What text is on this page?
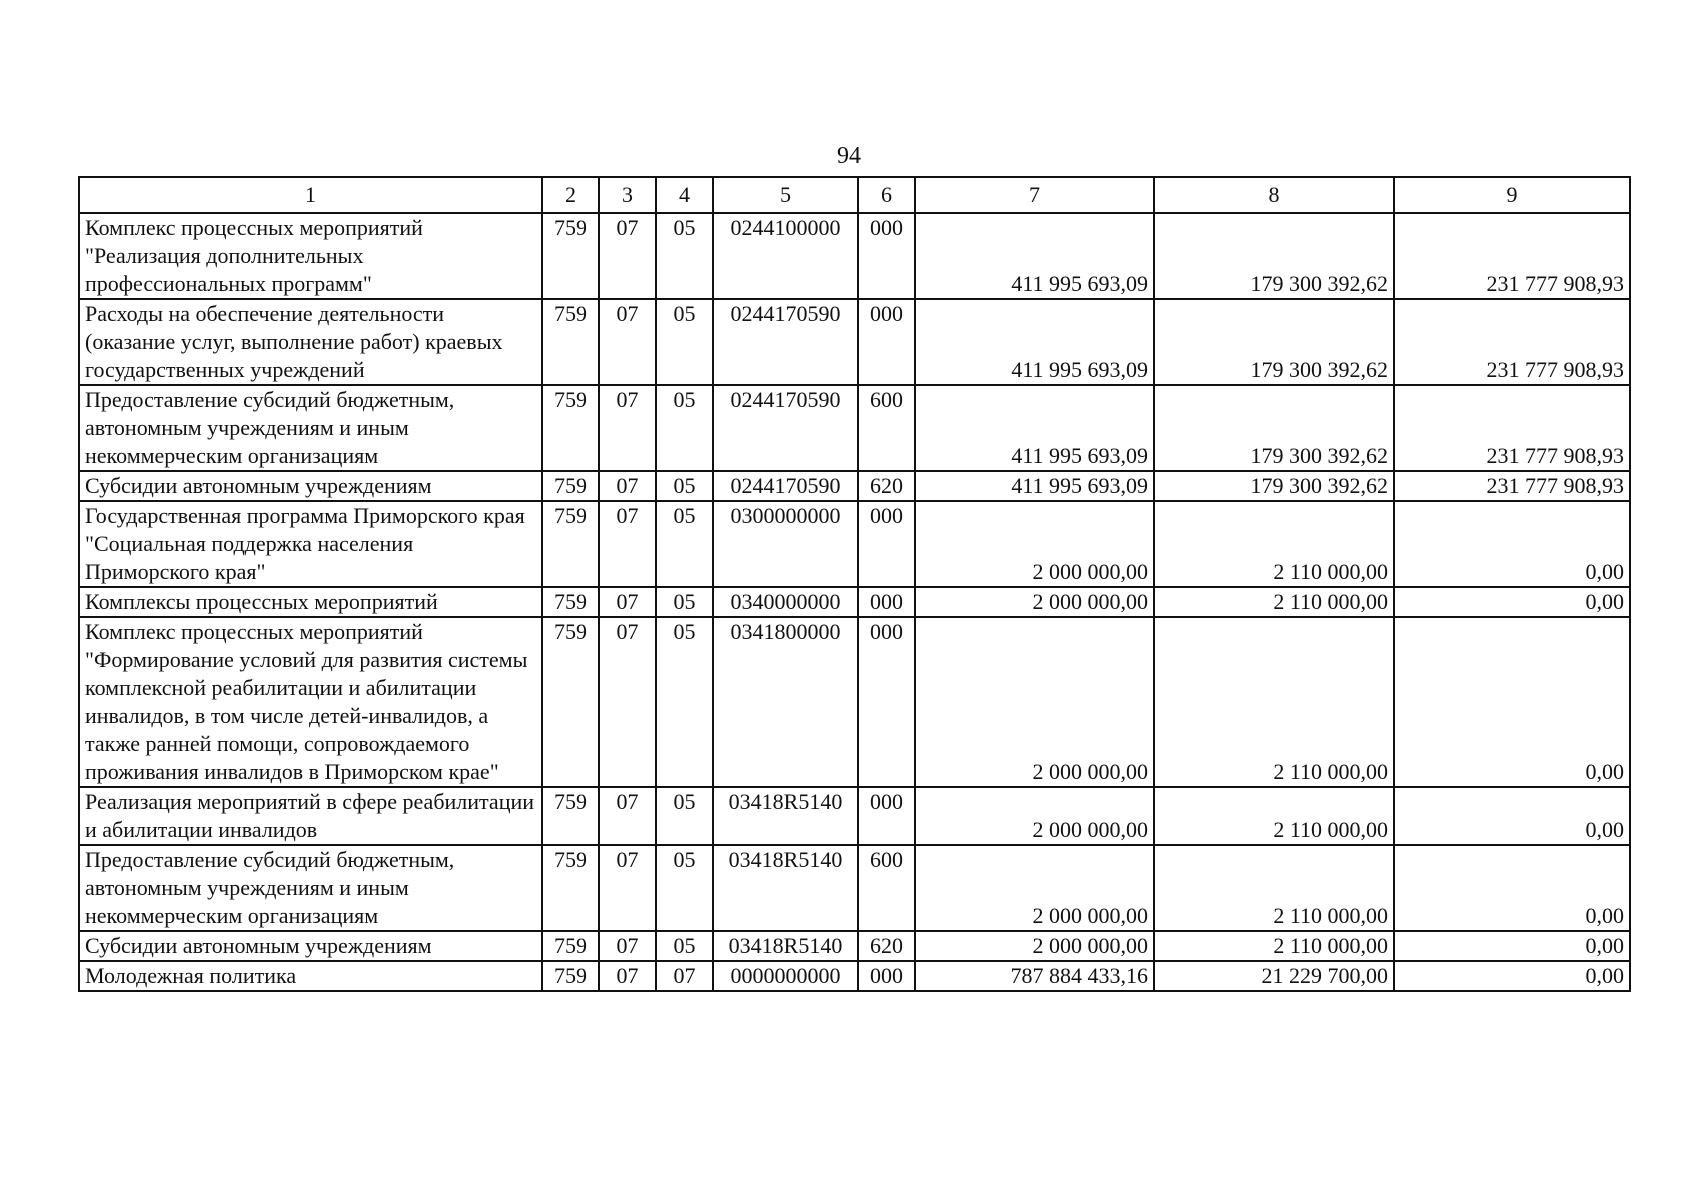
94
1	2	3	4	5	6	7	8	9
Комплекс процессных мероприятий "Реализация дополнительных профессиональных программ"	759	07	05	0244100000	000	411 995 693,09	179 300 392,62	231 777 908,93
Расходы на обеспечение деятельности (оказание услуг, выполнение работ) краевых государственных учреждений	759	07	05	0244170590	000	411 995 693,09	179 300 392,62	231 777 908,93
Предоставление субсидий бюджетным, автономным учреждениям и иным некоммерческим организациям	759	07	05	0244170590	600	411 995 693,09	179 300 392,62	231 777 908,93
Субсидии автономным учреждениям	759	07	05	0244170590	620	411 995 693,09	179 300 392,62	231 777 908,93
Государственная программа Приморского края "Социальная поддержка населения Приморского края"	759	07	05	0300000000	000	2 000 000,00	2 110 000,00	0,00
Комплексы процессных мероприятий	759	07	05	0340000000	000	2 000 000,00	2 110 000,00	0,00
Комплекс процессных мероприятий "Формирование условий для развития системы комплексной реабилитации и абилитации инвалидов, в том числе детей-инвалидов, а также ранней помощи, сопровождаемого проживания инвалидов в Приморском крае"	759	07	05	0341800000	000	2 000 000,00	2 110 000,00	0,00
Реализация мероприятий в сфере реабилитации и абилитации инвалидов	759	07	05	03418R5140	000	2 000 000,00	2 110 000,00	0,00
Предоставление субсидий бюджетным, автономным учреждениям и иным некоммерческим организациям	759	07	05	03418R5140	600	2 000 000,00	2 110 000,00	0,00
Субсидии автономным учреждениям	759	07	05	03418R5140	620	2 000 000,00	2 110 000,00	0,00
Молодежная политика	759	07	07	0000000000	000	787 884 433,16	21 229 700,00	0,00
